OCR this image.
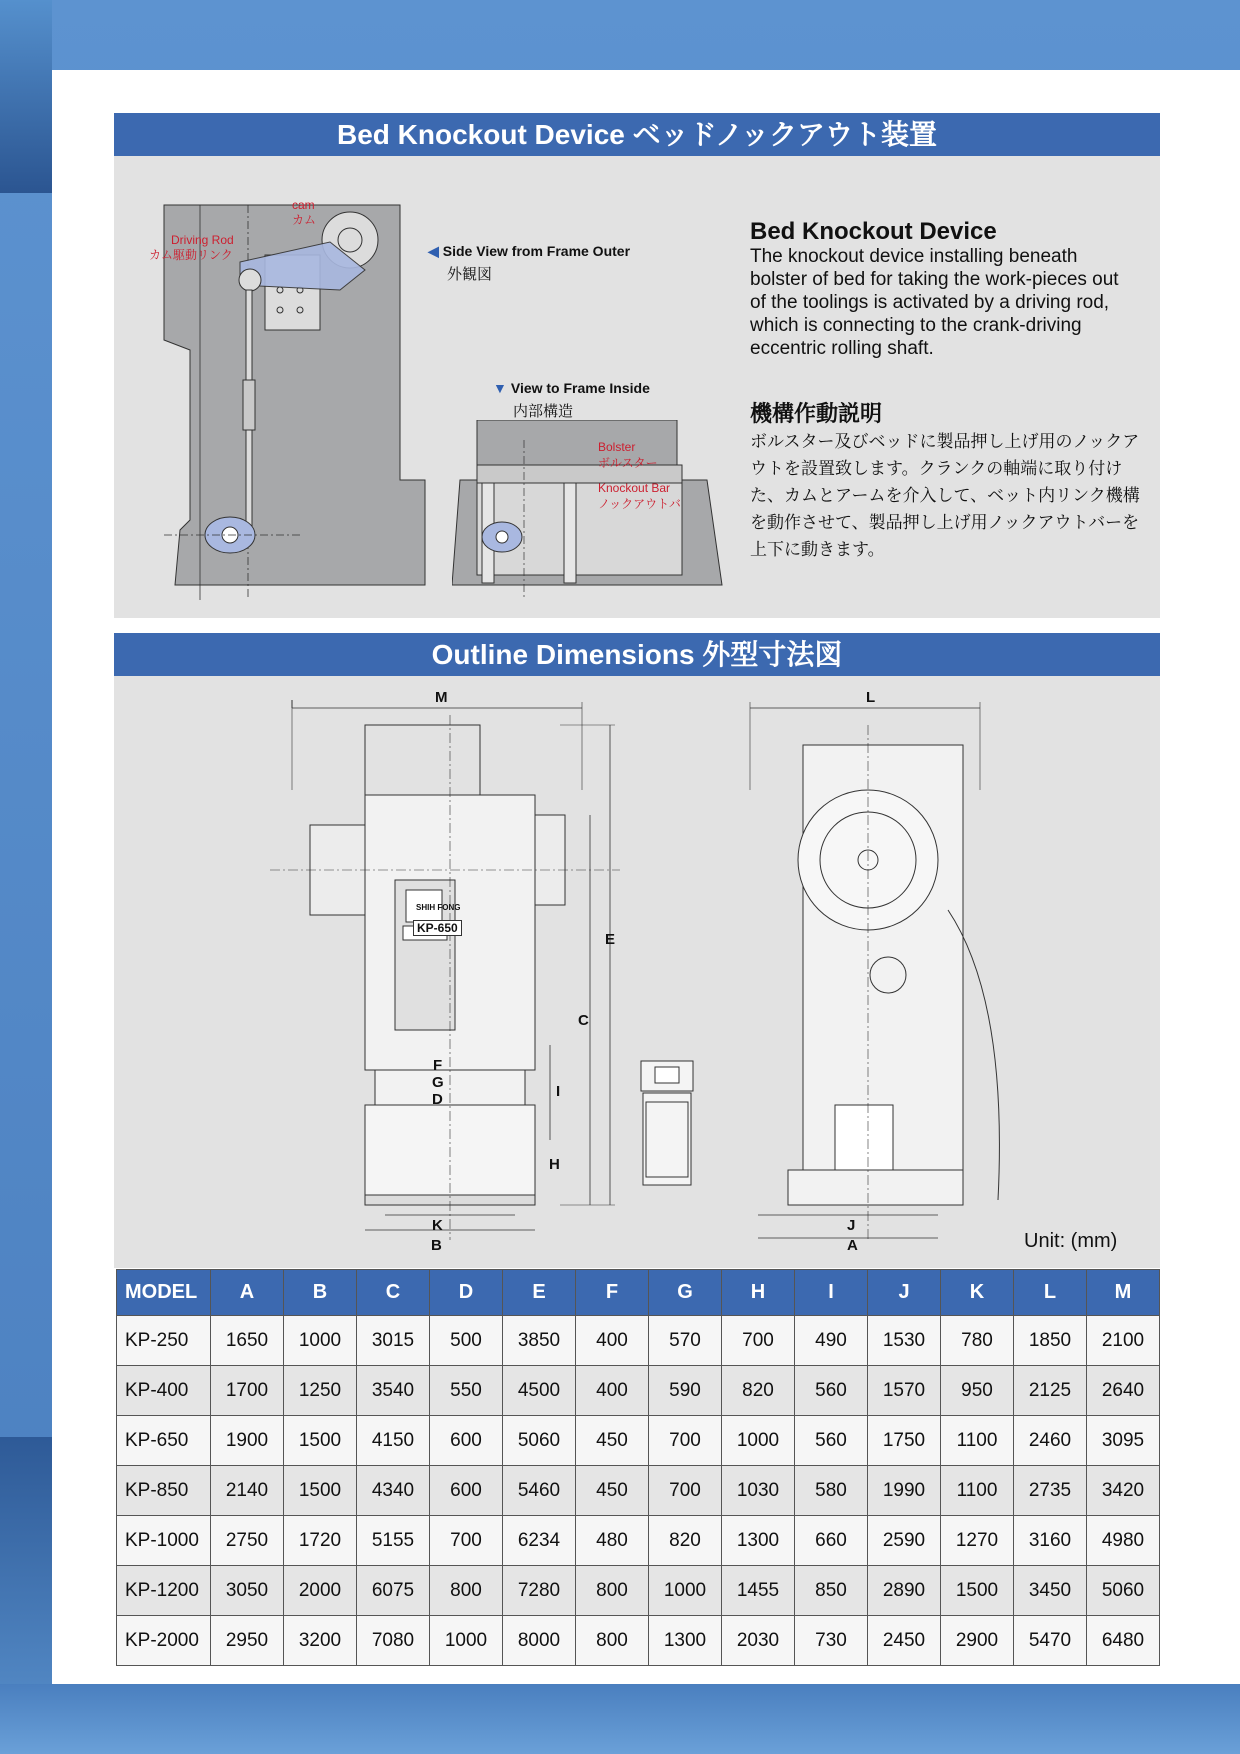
Bed Knockout Device ベッドノックアウト装置
cam
カム
Driving Rod
カム駆動リンク	◀ Side View from Frame Outer
外観図
▼ View to Frame Inside
内部構造
Bolster
ボルスター
Knockout Bar
ノックアウトバ
Bed Knockout Device
The knockout device installing beneath bolster of bed for taking the work-pieces out of the toolings is activated by a driving rod, which is connecting to the crank-driving eccentric rolling shaft.
機構作動説明
ボルスター及びベッドに製品押し上げ用のノックアウトを設置致します。クランクの軸端に取り付けた、カムとアームを介入して、ベット内リンク機構を動作させて、製品押し上げ用ノックアウトバーを上下に動きます。
Outline Dimensions 外型寸法図
M
E
C
F
G
D	I
H
K
B
KP-650
SHIH FONG
L
J
A	Unit: (mm)
MODEL	A	B	C	D	E	F	G	H	I	J	K	L	M
KP-250	1650	1000	3015	500	3850	400	570	700	490	1530	780	1850	2100
KP-400	1700	1250	3540	550	4500	400	590	820	560	1570	950	2125	2640
KP-650	1900	1500	4150	600	5060	450	700	1000	560	1750	1100	2460	3095
KP-850	2140	1500	4340	600	5460	450	700	1030	580	1990	1100	2735	3420
KP-1000	2750	1720	5155	700	6234	480	820	1300	660	2590	1270	3160	4980
KP-1200	3050	2000	6075	800	7280	800	1000	1455	850	2890	1500	3450	5060
KP-2000	2950	3200	7080	1000	8000	800	1300	2030	730	2450	2900	5470	6480
